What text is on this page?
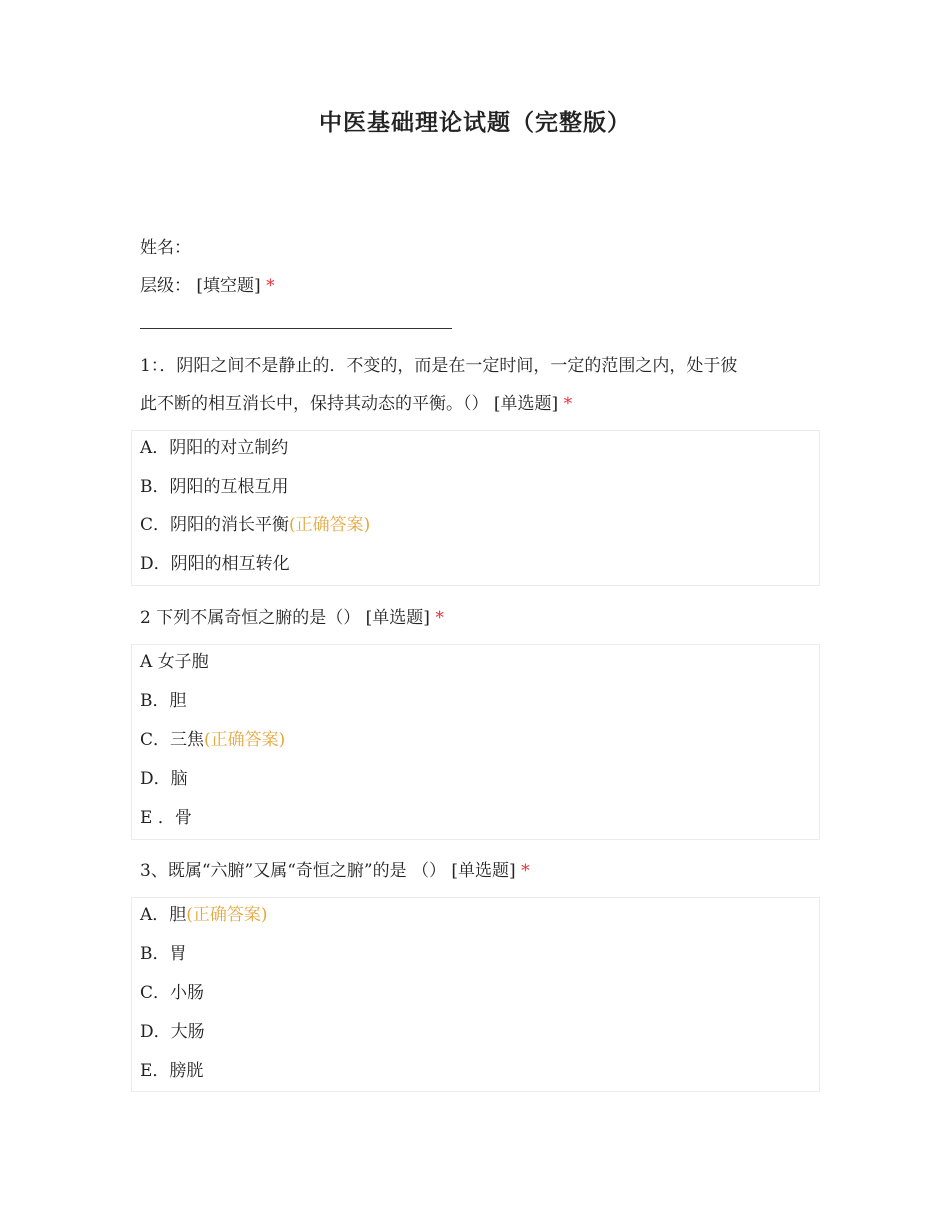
中医基础理论试题（完整版）
姓名：
层级： [填空题] *
1：．阴阳之间不是静止的．不变的，而是在一定时间，一定的范围之内，处于彼
此不断的相互消长中，保持其动态的平衡。（） [单选题] *
A．阴阳的对立制约
B．阴阳的互根互用
C．阴阳的消长平衡(正确答案)
D．阴阳的相互转化
2 下列不属奇恒之腑的是（） [单选题] *
A 女子胞
B．胆
C．三焦(正确答案)
D．脑
E ．骨
3、既属“六腑”又属“奇恒之腑”的是 （） [单选题] *
A．胆(正确答案)
B．胃
C．小肠
D．大肠
E．膀胱
